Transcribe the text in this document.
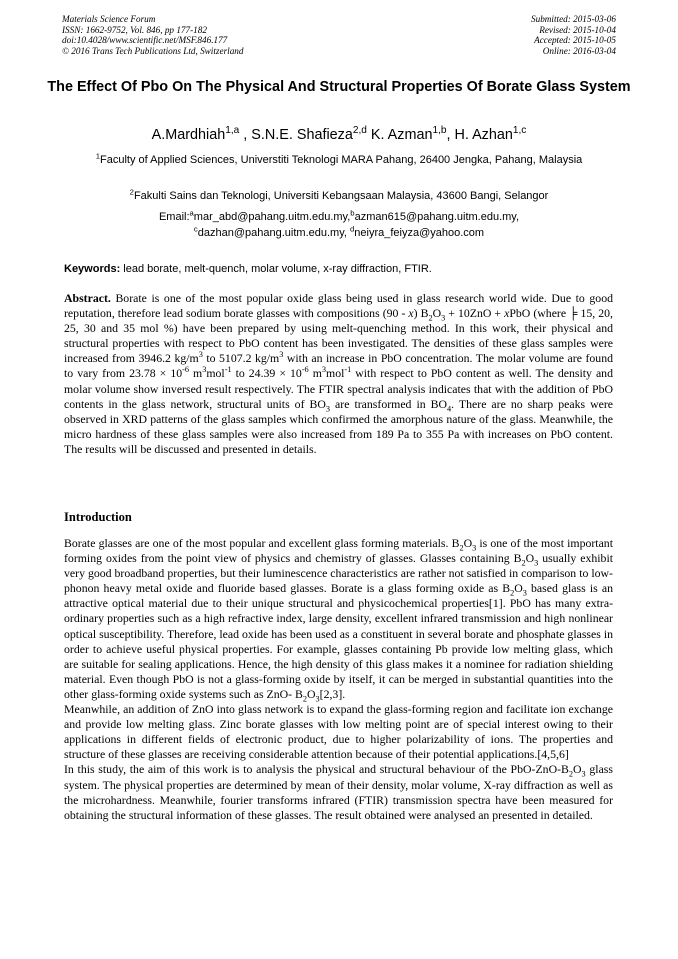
Materials Science Forum
ISSN: 1662-9752, Vol. 846, pp 177-182
doi:10.4028/www.scientific.net/MSF.846.177
© 2016 Trans Tech Publications Ltd, Switzerland
Submitted: 2015-03-06
Revised: 2015-10-04
Accepted: 2015-10-05
Online: 2016-03-04
The Effect Of Pbo On The Physical And Structural Properties Of Borate Glass System
A.Mardhiah$^{1,a}$ , S.N.E. Shafieza$^{2,d}$ K. Azman$^{1,b}$, H. Azhan$^{1,c}$
$^1$Faculty of Applied Sciences, Universtiti Teknologi MARA Pahang, 26400 Jengka, Pahang, Malaysia
$^2$Fakulti Sains dan Teknologi, Universiti Kebangsaan Malaysia, 43600 Bangi, Selangor
Email:$^a$mar_abd@pahang.uitm.edu.my,$^b$azman615@pahang.uitm.edu.my,
$^c$dazhan@pahang.uitm.edu.my, $^d$neiyra_feiyza@yahoo.com
Keywords: lead borate, melt-quench, molar volume, x-ray diffraction, FTIR.
Abstract. Borate is one of the most popular oxide glass being used in glass research world wide. Due to good reputation, therefore lead sodium borate glasses with compositions (90 - x) $B_2O_3 + 10ZnO$ + xPbO (where ╞ 15, 20, 25, 30 and 35 mol %) have been prepared by using melt-quenching method. In this work, their physical and structural properties with respect to PbO content has been investigated. The densities of these glass samples were increased from 3946.2 $kg/m^3$ to 5107.2 $kg/m^3$ with an increase in PbO concentration. The molar volume are found to vary from $23.78 \times 10^{-6}$ $m^3mol^{-1}$ to $24.39 \times 10^{-6}$ $m^3mol^{-1}$ with respect to PbO content as well. The density and molar volume show inversed result respectively. The FTIR spectral analysis indicates that with the addition of PbO contents in the glass network, structural units of $BO_3$ are transformed in $BO_4$. There are no sharp peaks were observed in XRD patterns of the glass samples which confirmed the amorphous nature of the glass. Meanwhile, the micro hardness of these glass samples were also increased from 189 Pa to 355 Pa with increases on PbO content. The results will be discussed and presented in details.
Introduction

Borate glasses are one of the most popular and excellent glass forming materials. $B_2O_3$ is one of the most important forming oxides from the point view of physics and chemistry of glasses. Glasses containing $B_2O_3$ usually exhibit very good broadband properties, but their luminescence characteristics are rather not satisfied in comparison to low-phonon heavy metal oxide and fluoride based glasses. Borate is a glass forming oxide as $B_2O_3$ based glass is an attractive optical material due to their unique structural and physicochemical properties[1]. PbO has many extra- ordinary properties such as a high refractive index, large density, excellent infrared transmission and high nonlinear optical susceptibility. Therefore, lead oxide has been used as a constituent in several borate and phosphate glasses in order to achieve useful physical properties. For example, glasses containing Pb provide low melting glass, which are suitable for sealing applications. Hence, the high density of this glass makes it a nominee for radiation shielding material. Even though PbO is not a glass-forming oxide by itself, it can be merged in substantial quantities into the other glass-forming oxide systems such as ZnO- $B_2O_3[2,3]$.

Meanwhile, an addition of ZnO into glass network is to expand the glass-forming region and facilitate ion exchange and provide low melting glass. Zinc borate glasses with low melting point are of special interest owing to their applications in different fields of electronic product, due to higher polarizability of ions. The properties and structure of these glasses are receiving considerable attention because of their potential applications.[4,5,6]

In this study, the aim of this work is to analysis the physical and structural behaviour of the PbO-$ZnO-B_2O_3$ glass system. The physical properties are determined by mean of their density, molar volume, X-ray diffraction as well as the microhardness. Meanwhile, fourier transforms infrared (FTIR) transmission spectra have been measured for obtaining the structural information of these glasses. The result obtained were analysed an presented in detailed.
